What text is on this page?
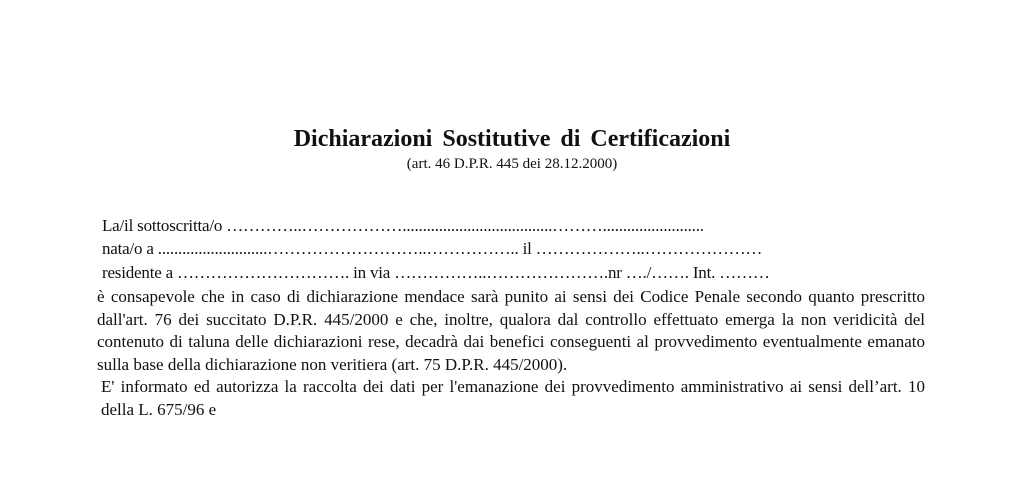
Dichiarazioni Sostitutive di Certificazioni
(art. 46 D.P.R. 445 dei 28.12.2000)
La/il sottoscritta/o …………..……………….....................................……….........................
nata/o a ...........................………………………..…………….. il ………………..…………………
residente a …………………………. in via ……………..………………….nr …./……. Int. ………

è consapevole che in caso di dichiarazione mendace sarà punito ai sensi dei Codice Penale secondo quanto prescritto dall'art. 76 dei succitato D.P.R. 445/2000 e che, inoltre, qualora dal controllo effettuato emerga la non veridicità del contenuto di taluna delle dichiarazioni rese, decadrà dai benefici conseguenti al provvedimento eventualmente emanato sulla base della dichiarazione non veritiera (art. 75 D.P.R. 445/2000).

E' informato ed autorizza la raccolta dei dati per l'emanazione dei provvedimento amministrativo ai sensi dell’art. 10 della L. 675/96 e
